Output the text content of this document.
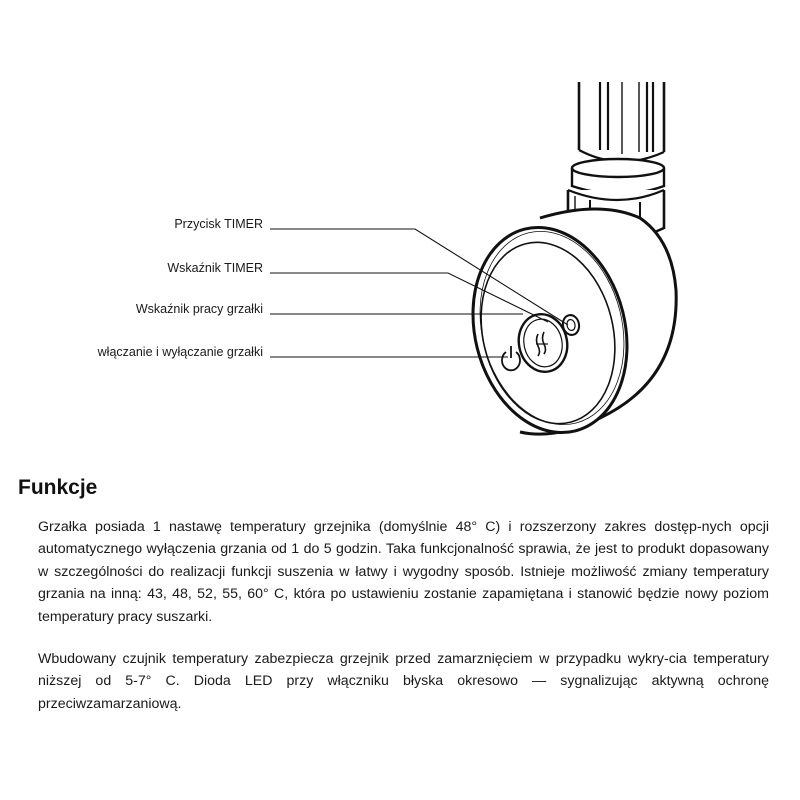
Przycisk TIMER
Wskaźnik TIMER
Wskaźnik pracy grzałki
włączanie i wyłączanie grzałki
Funkcje

Grzałka posiada 1 nastawę temperatury grzejnika (domyślnie 48° C) i rozszerzony zakres dostęp-nych opcji automatycznego wyłączenia grzania od 1 do 5 godzin. Taka funkcjonalność sprawia, że jest to produkt dopasowany w szczególności do realizacji funkcji suszenia w łatwy i wygodny sposób. Istnieje możliwość zmiany temperatury grzania na inną: 43, 48, 52, 55, 60° C, która po ustawieniu zostanie zapamiętana i stanowić będzie nowy poziom temperatury pracy suszarki.

Wbudowany czujnik temperatury zabezpiecza grzejnik przed zamarznięciem w przypadku wykry-cia temperatury niższej od 5-7° C. Dioda LED przy włączniku błyska okresowo — sygnalizując aktywną ochronę przeciwzamarzaniową.
